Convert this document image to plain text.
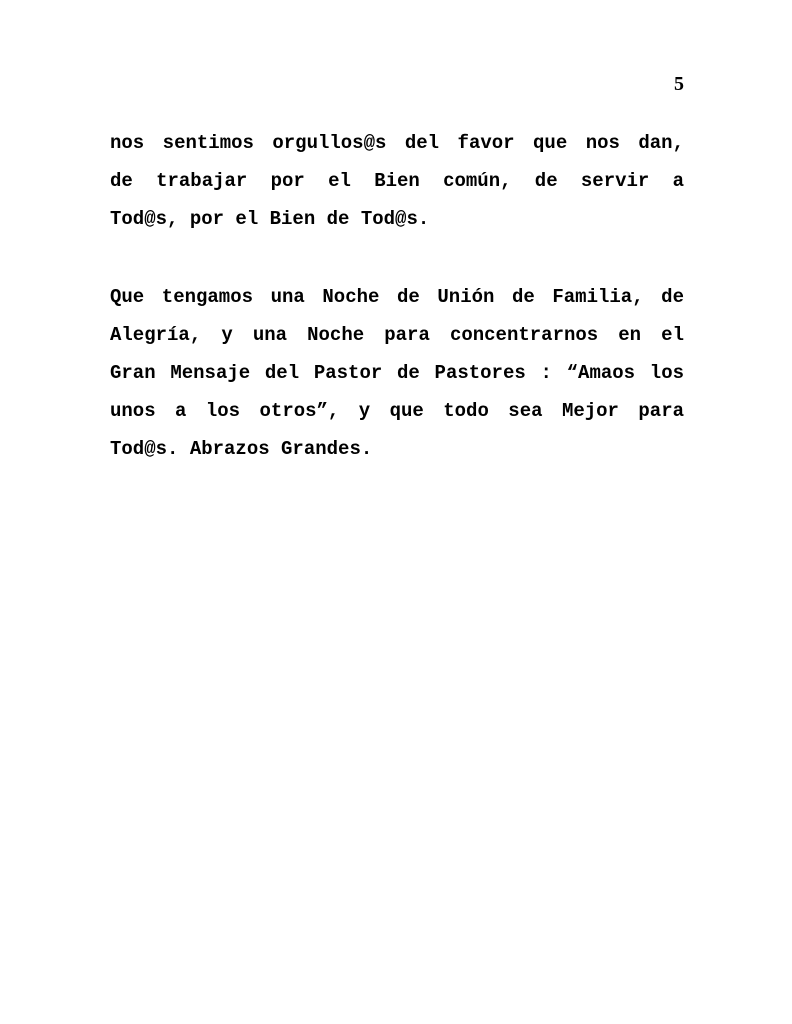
5
nos sentimos orgullos@s del favor que nos dan,
de trabajar por el Bien común, de servir a
Tod@s, por el Bien de Tod@s.
Que tengamos una Noche de Unión de Familia, de
Alegría, y una Noche para concentrarnos en el
Gran Mensaje del Pastor de Pastores : “Amaos los
unos a los otros”, y que todo sea Mejor para
Tod@s. Abrazos Grandes.
